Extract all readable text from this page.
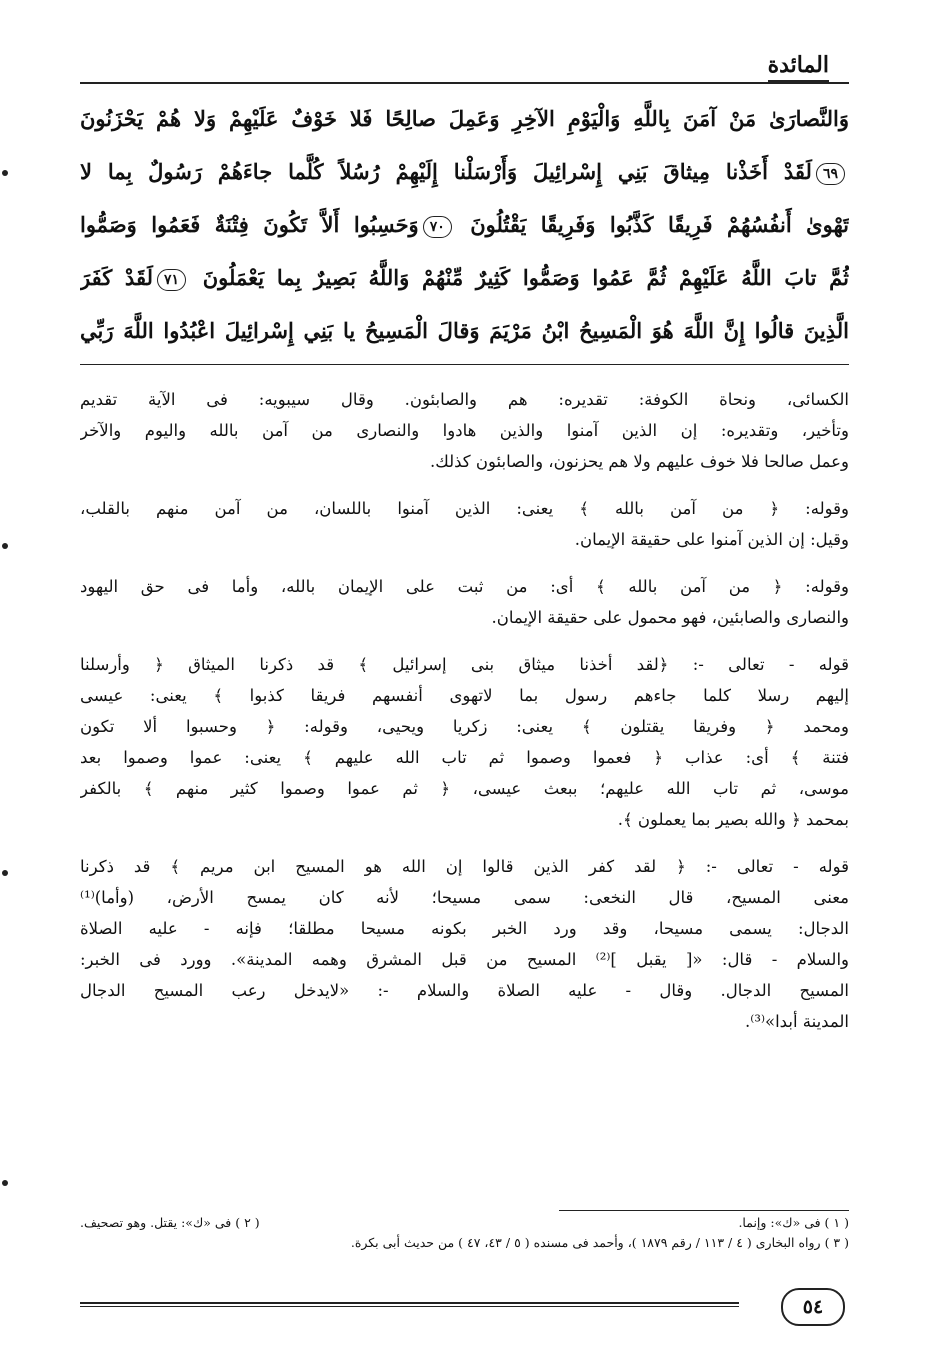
المائدة
وَالنَّصارَىٰ مَنْ آمَنَ بِاللَّهِ وَالْيَوْمِ الآخِرِ وَعَمِلَ صالِحًا فَلا خَوْفٌ عَلَيْهِمْ وَلا هُمْ يَحْزَنُونَ
٦٩لَقَدْ أَخَذْنا مِيثاقَ بَنِي إِسْرائِيلَ وَأَرْسَلْنا إِلَيْهِمْ رُسُلاً كُلَّما جاءَهُمْ رَسُولٌ بِما لا
تَهْوىٰ أَنفُسُهُمْ فَرِيقًا كَذَّبُوا وَفَرِيقًا يَقْتُلُونَ ٧٠وَحَسِبُوا أَلاَّ تَكُونَ فِتْنَةٌ فَعَمُوا وَصَمُّوا
ثُمَّ تابَ اللَّهُ عَلَيْهِمْ ثُمَّ عَمُوا وَصَمُّوا كَثِيرٌ مِّنْهُمْ وَاللَّهُ بَصِيرٌ بِما يَعْمَلُونَ ٧١لَقَدْ كَفَرَ
الَّذِينَ قالُوا إِنَّ اللَّهَ هُوَ الْمَسِيحُ ابْنُ مَرْيَمَ وَقالَ الْمَسِيحُ يا بَنِي إِسْرائِيلَ اعْبُدُوا اللَّهَ رَبِّي
الكسائى، ونحاة الكوفة: تقديره: هم والصابئون. وقال سيبويه: فى الآية تقديم
وتأخير، وتقديره: إن الذين آمنوا والذين هادوا والنصارى من آمن بالله واليوم والآخر
وعمل صالحا فلا خوف عليهم ولا هم يحزنون، والصابئون كذلك.
وقوله: ﴿ من آمن بالله ﴾ يعنى: الذين آمنوا باللسان، من آمن منهم بالقلب،
وقيل: إن الذين آمنوا على حقيقة الإيمان.
وقوله: ﴿ من آمن بالله ﴾ أى: من ثبت على الإيمان بالله، وأما فى حق اليهود
والنصارى والصابئين، فهو محمول على حقيقة الإيمان.
قوله - تعالى -: ﴿لقد أخذنا ميثاق بنى إسرائيل ﴾ قد ذكرنا الميثاق ﴿ وأرسلنا
إليهم رسلا كلما جاءهم رسول بما لاتهوى أنفسهم فريقا كذبوا ﴾ يعنى: عيسى
ومحمد ﴿ وفريقا يقتلون ﴾ يعنى: زكريا ويحيى، وقوله: ﴿ وحسبوا ألا تكون
فتنة ﴾ أى: عذاب ﴿ فعموا وصموا ثم تاب الله عليهم ﴾ يعنى: عموا وصموا بعد
موسى، ثم تاب الله عليهم؛ ببعث عيسى، ﴿ ثم عموا وصموا كثير منهم ﴾ بالكفر
بمحمد ﴿ والله بصير بما يعملون ﴾.
قوله - تعالى -: ﴿ لقد كفر الذين قالوا إن الله هو المسيح ابن مريم ﴾ قد ذكرنا
معنى المسيح، قال النخعى: سمى مسيحا؛ لأنه كان يمسح الأرض، (وأما)⁽¹⁾
الدجال: يسمى مسيحا، وقد ورد الخبر بكونه مسيحا مطلقا؛ فإنه - عليه الصلاة
والسلام - قال: «[ يقبل ]⁽²⁾ المسيح من قبل المشرق وهمه المدينة». وورد فى الخبر:
المسيح الدجال. وقال - عليه الصلاة والسلام -: «لايدخل رعب المسيح الدجال
المدينة أبدا»⁽³⁾.
( ١ ) فى «ك»: وإنما.
( ٢ ) فى «ك»: يقتل. وهو تصحيف.
( ٣ ) رواه البخارى ( ٤ / ١١٣ / رقم ١٨٧٩ )، وأحمد فى مسنده ( ٥ / ٤٣، ٤٧ ) من حديث أبى بكرة.
٥٤
